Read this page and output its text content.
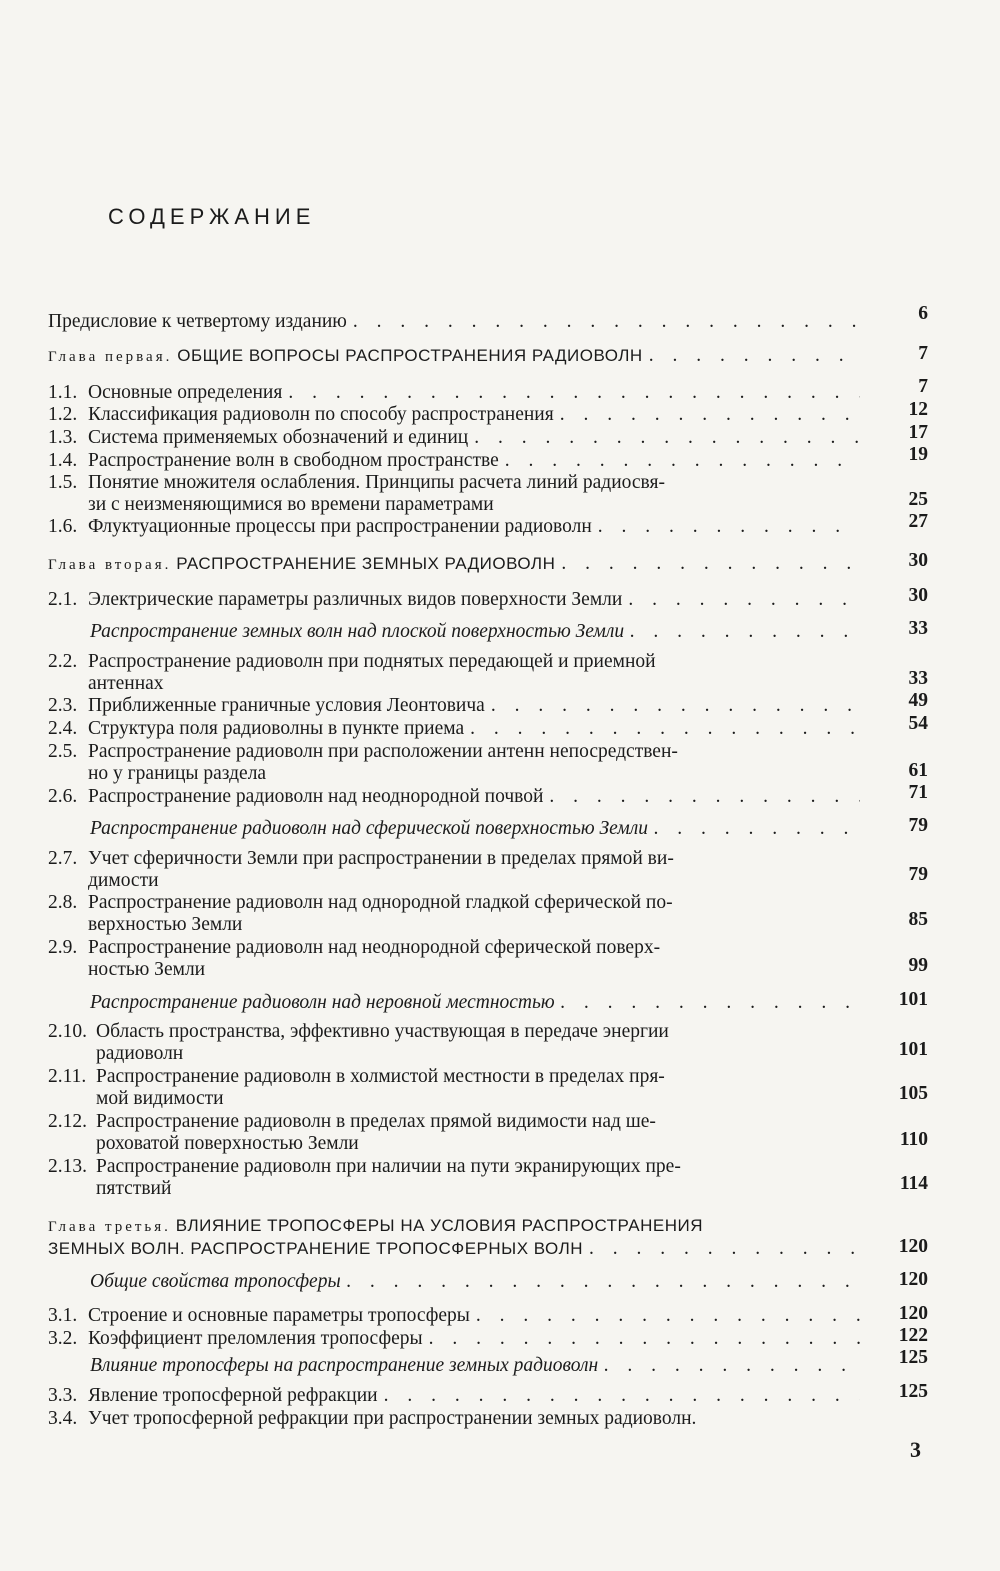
СОДЕРЖАНИЕ
Предисловие к четвертому изданию . . .	6
Глава первая.
ОБЩИЕ ВОПРОСЫ РАСПРОСТРАНЕНИЯ РАДИОВОЛН . . .	7
1.1. Основные определения . . .	7
1.2. Классификация радиоволн по способу распространения . . .	12
1.3. Система применяемых обозначений и единиц . . .	17
1.4. Распространение волн в свободном пространстве . . .	19
1.5. Понятие множителя ослабления. Принципы расчета линий радиосвя-
зи с неизменяющимися во времени параметрами	25
1.6. Флуктуационные процессы при распространении радиоволн . . .	27
Глава вторая.
РАСПРОСТРАНЕНИЕ ЗЕМНЫХ РАДИОВОЛН . . .	30
2.1. Электрические параметры различных видов поверхности Земли . . .	30
Распространение земных волн над плоской поверхностью Земли . . .	33
2.2. Распространение радиоволн при поднятых передающей и приемной
антеннах	33
2.3. Приближенные граничные условия Леонтовича . . .	49
2.4. Структура поля радиоволны в пункте приема . . .	54
2.5. Распространение радиоволн при расположении антенн непосредствен-
но у границы раздела	61
2.6. Распространение радиоволн над неоднородной почвой . . .	71
Распространение радиоволн над сферической поверхностью Земли . . .	79
2.7. Учет сферичности Земли при распространении в пределах прямой ви-
димости	79
2.8. Распространение радиоволн над однородной гладкой сферической по-
верхностью Земли	85
2.9. Распространение радиоволн над неоднородной сферической поверх-
ностью Земли	99
Распространение радиоволн над неровной местностью . . .	101
2.10. Область пространства, эффективно участвующая в передаче энергии
радиоволн	101
2.11. Распространение радиоволн в холмистой местности в пределах пря-
мой видимости	105
2.12. Распространение радиоволн в пределах прямой видимости над ше-
роховатой поверхностью Земли	110
2.13. Распространение радиоволн при наличии на пути экранирующих пре-
пятствий	114
Глава третья.
ВЛИЯНИЕ ТРОПОСФЕРЫ НА УСЛОВИЯ РАСПРОСТРАНЕНИЯ
ЗЕМНЫХ ВОЛН. РАСПРОСТРАНЕНИЕ ТРОПОСФЕРНЫХ ВОЛН . . .	120
Общие свойства тропосферы . . .	120
3.1. Строение и основные параметры тропосферы . . .	120
3.2. Коэффициент преломления тропосферы . . .	122
Влияние тропосферы на распространение земных радиоволн . . .	125
3.3. Явление тропосферной рефракции . . .	125
3.4. Учет тропосферной рефракции при распространении земных радиоволн.
3
